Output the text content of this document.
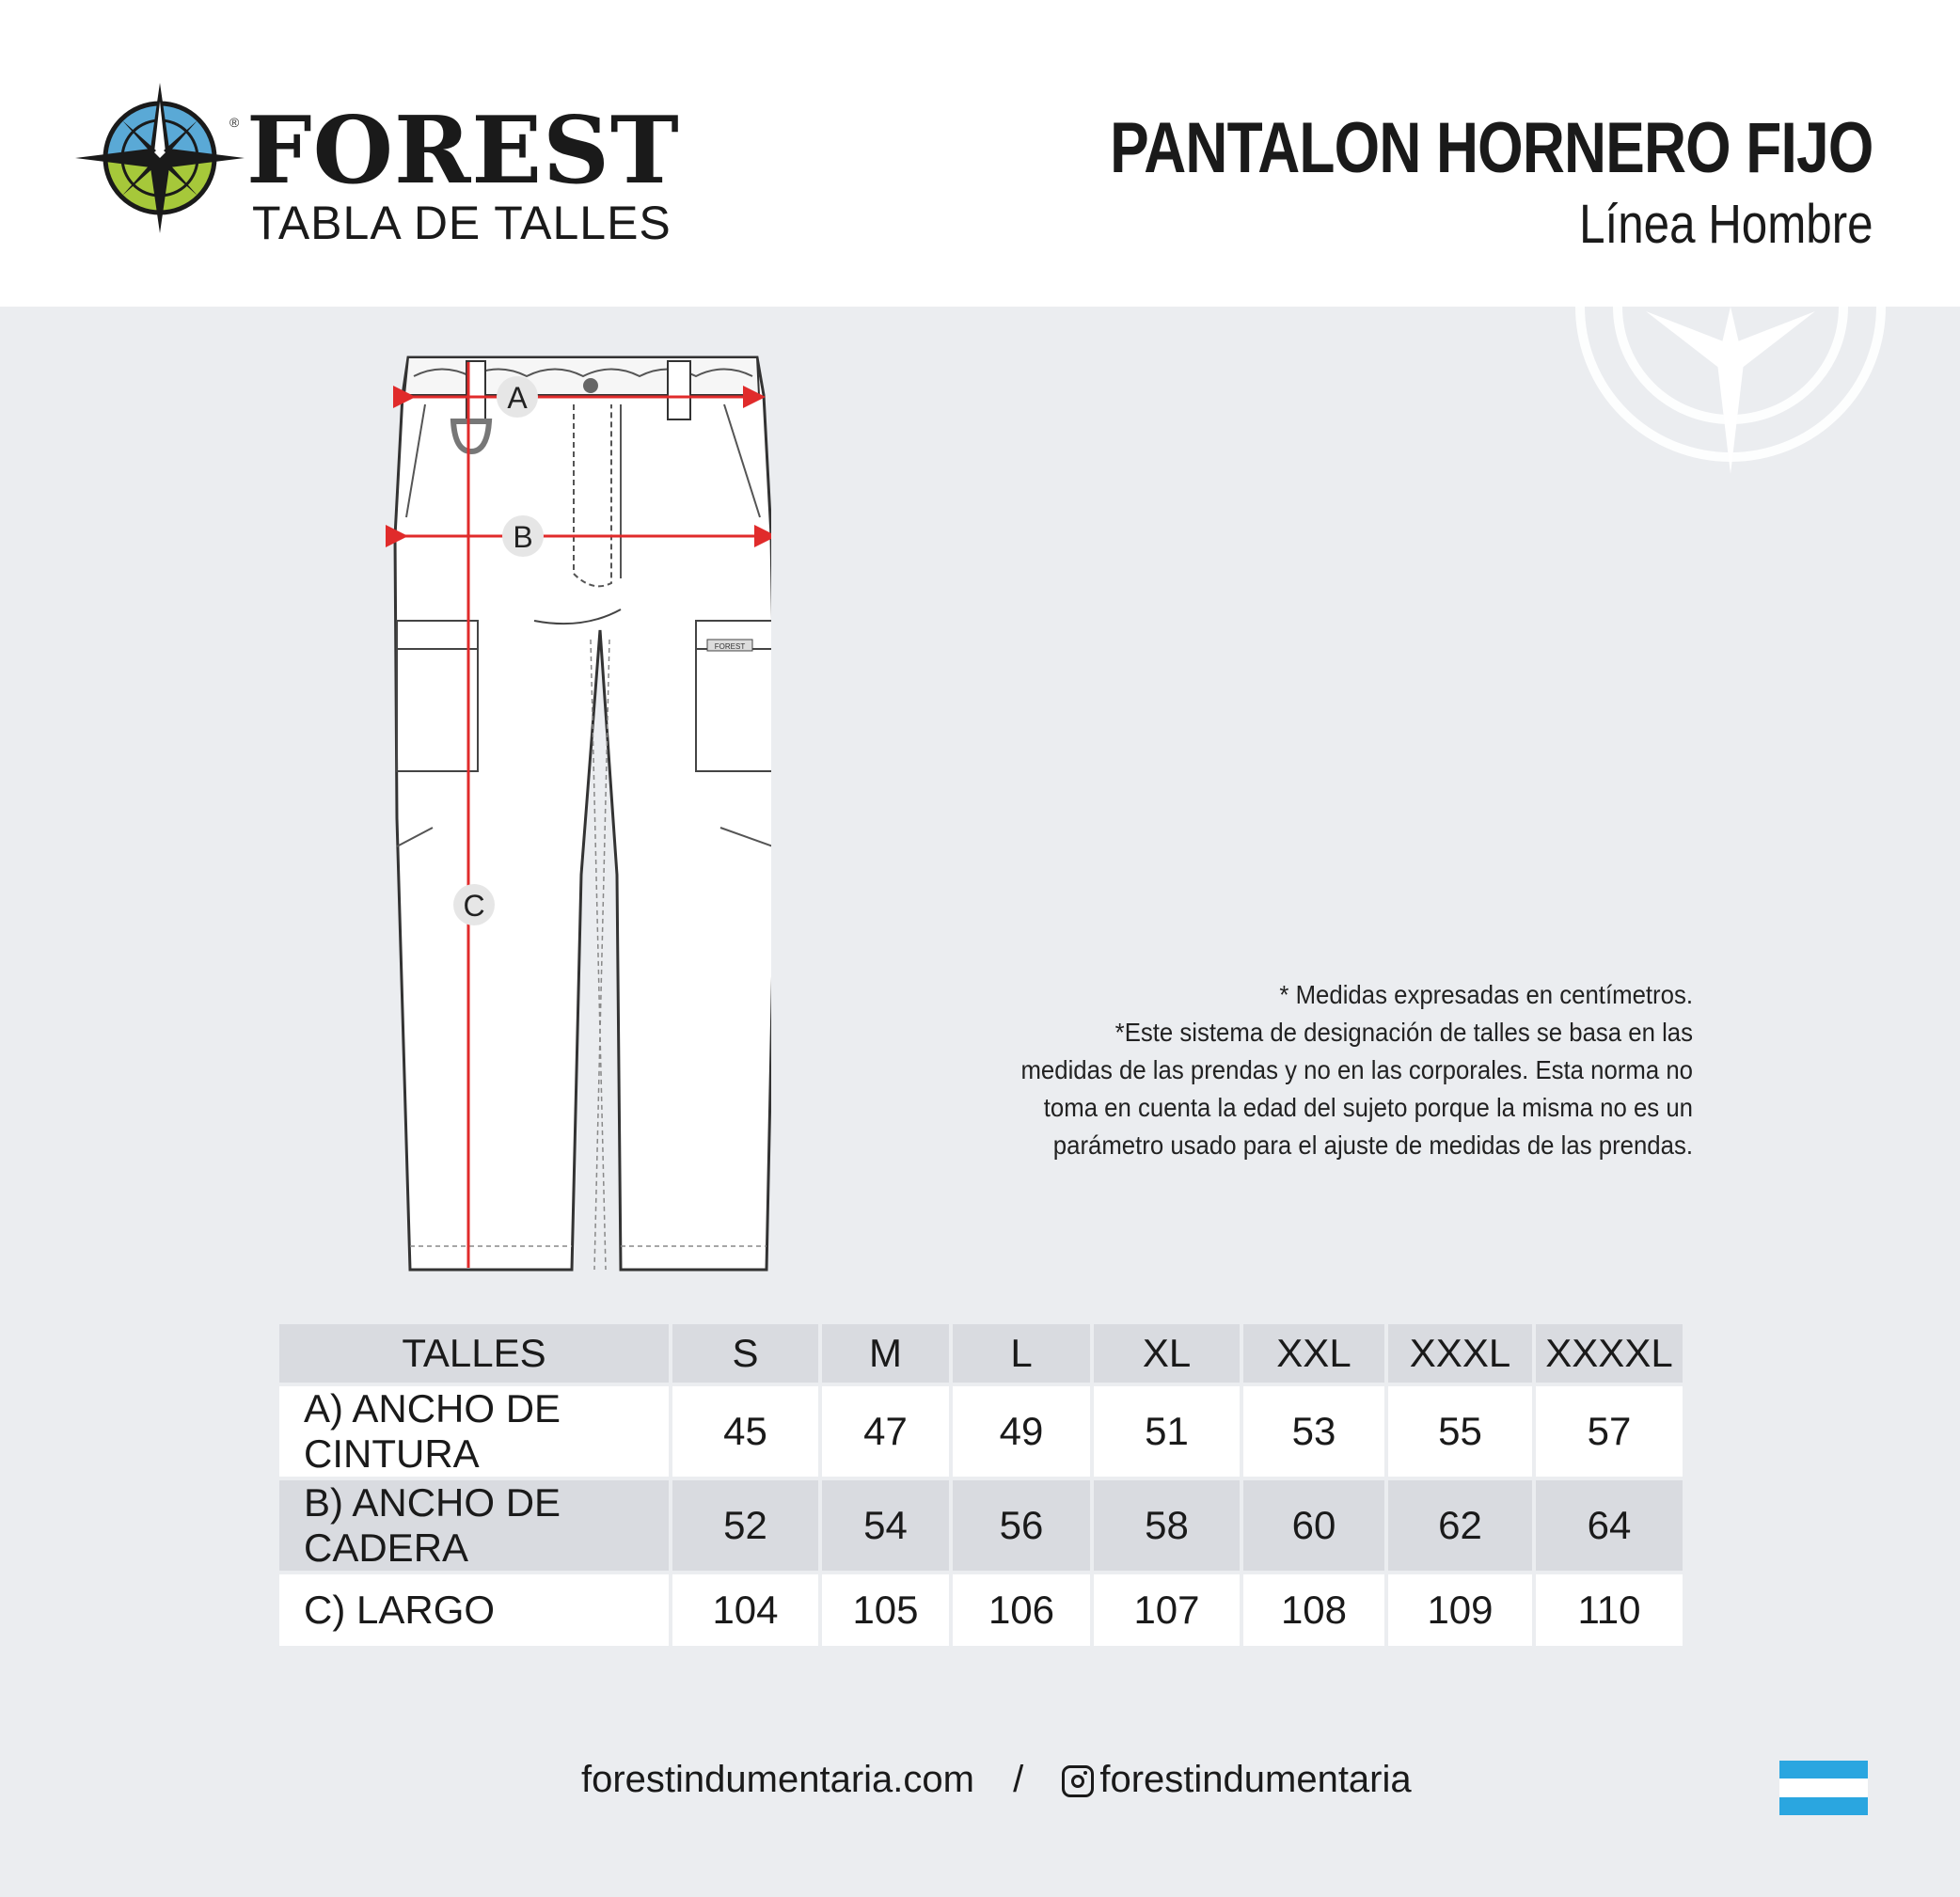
® FOREST
TABLA DE TALLES
PANTALON HORNERO FIJO
Línea Hombre
FOREST
A
B
C
* Medidas expresadas en centímetros.
*Este sistema de designación de talles se basa en las
medidas de las prendas y no en las corporales. Esta norma no
toma en cuenta la edad del sujeto porque la misma no es un
parámetro usado para el ajuste de medidas de las prendas.
TALLES	S	M	L	XL	XXL	XXXL	XXXXL
A) ANCHO DE CINTURA	45	47	49	51	53	55	57
B) ANCHO DE CADERA	52	54	56	58	60	62	64
C) LARGO	104	105	106	107	108	109	110
forestindumentaria.com / forestindumentaria
